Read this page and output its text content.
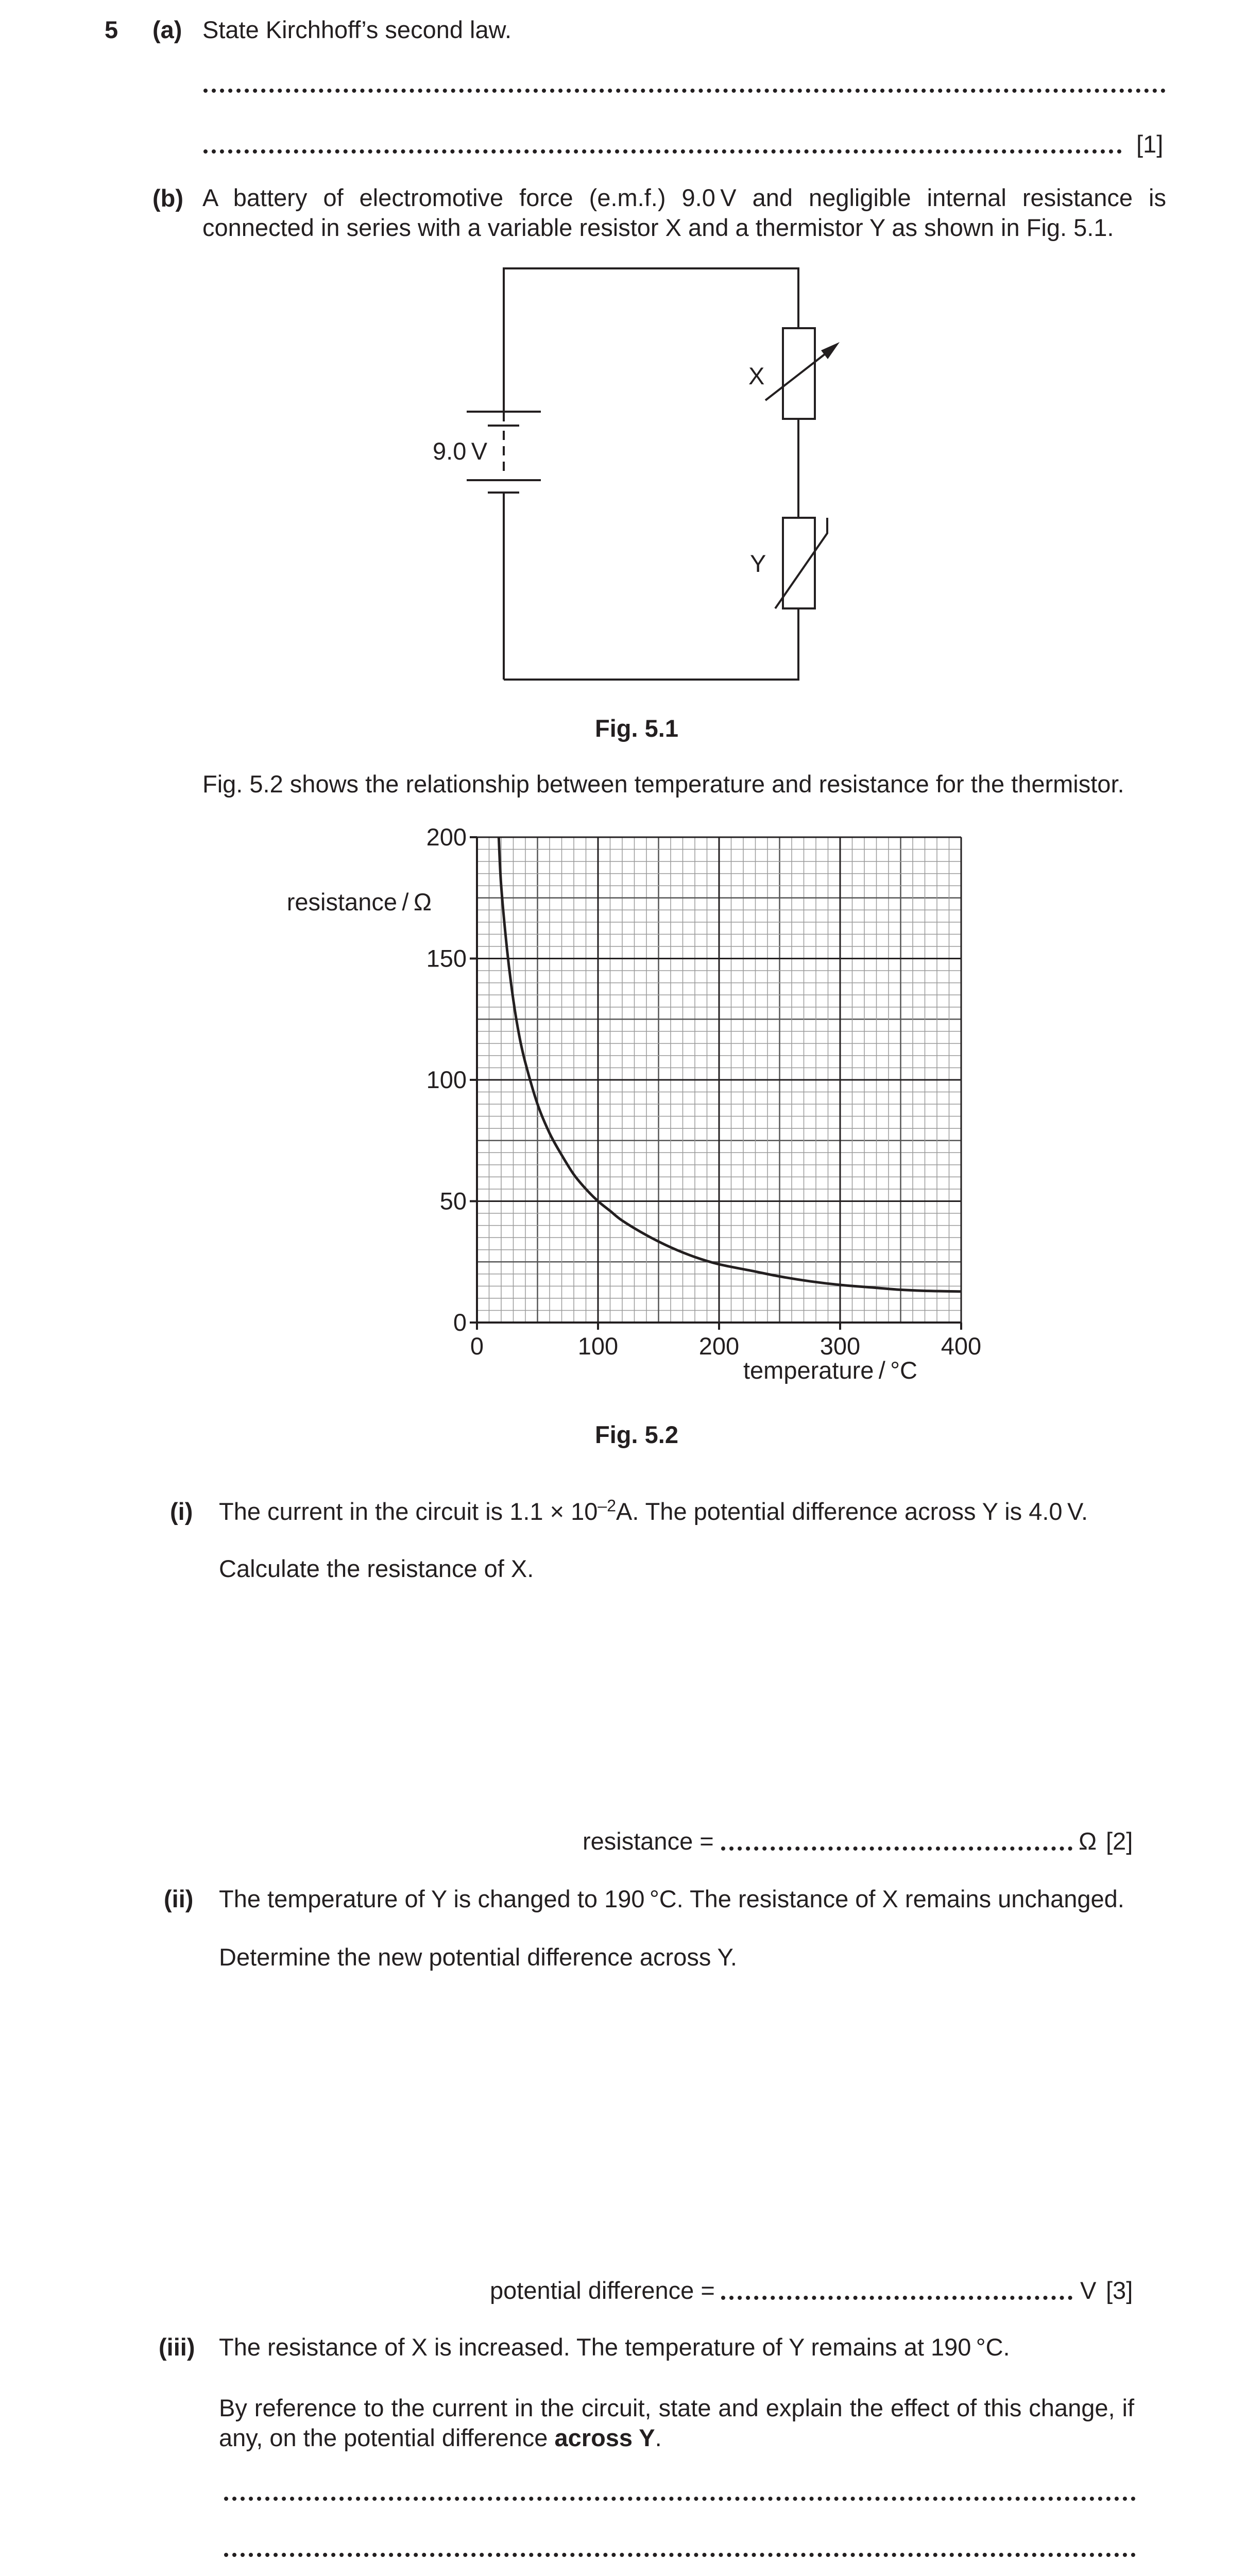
5 (a) State Kirchhoff’s second law.
[1]
(b) A battery of electromotive force (e.m.f.) 9.0 V and negligible internal resistance is connected in series with a variable resistor X and a thermistor Y as shown in Fig. 5.1.
9.0 V
X
Y
Fig. 5.1
Fig. 5.2 shows the relationship between temperature and resistance for the thermistor.
0
50
100
150
200
0	100	200	300	400
resistance / Ω
temperature / °C
Fig. 5.2
(i) The current in the circuit is $1.1 \times 10^{-2}A$. The potential difference across Y is 4.0 V.
Calculate the resistance of X.
resistance =	Ω [2]
(ii) The temperature of Y is changed to 190 °C. The resistance of X remains unchanged.
Determine the new potential difference across Y.
potential difference =	V [3]
(iii) The resistance of X is increased. The temperature of Y remains at 190 °C.
By reference to the current in the circuit, state and explain the effect of this change, if any, on the potential difference across Y.
